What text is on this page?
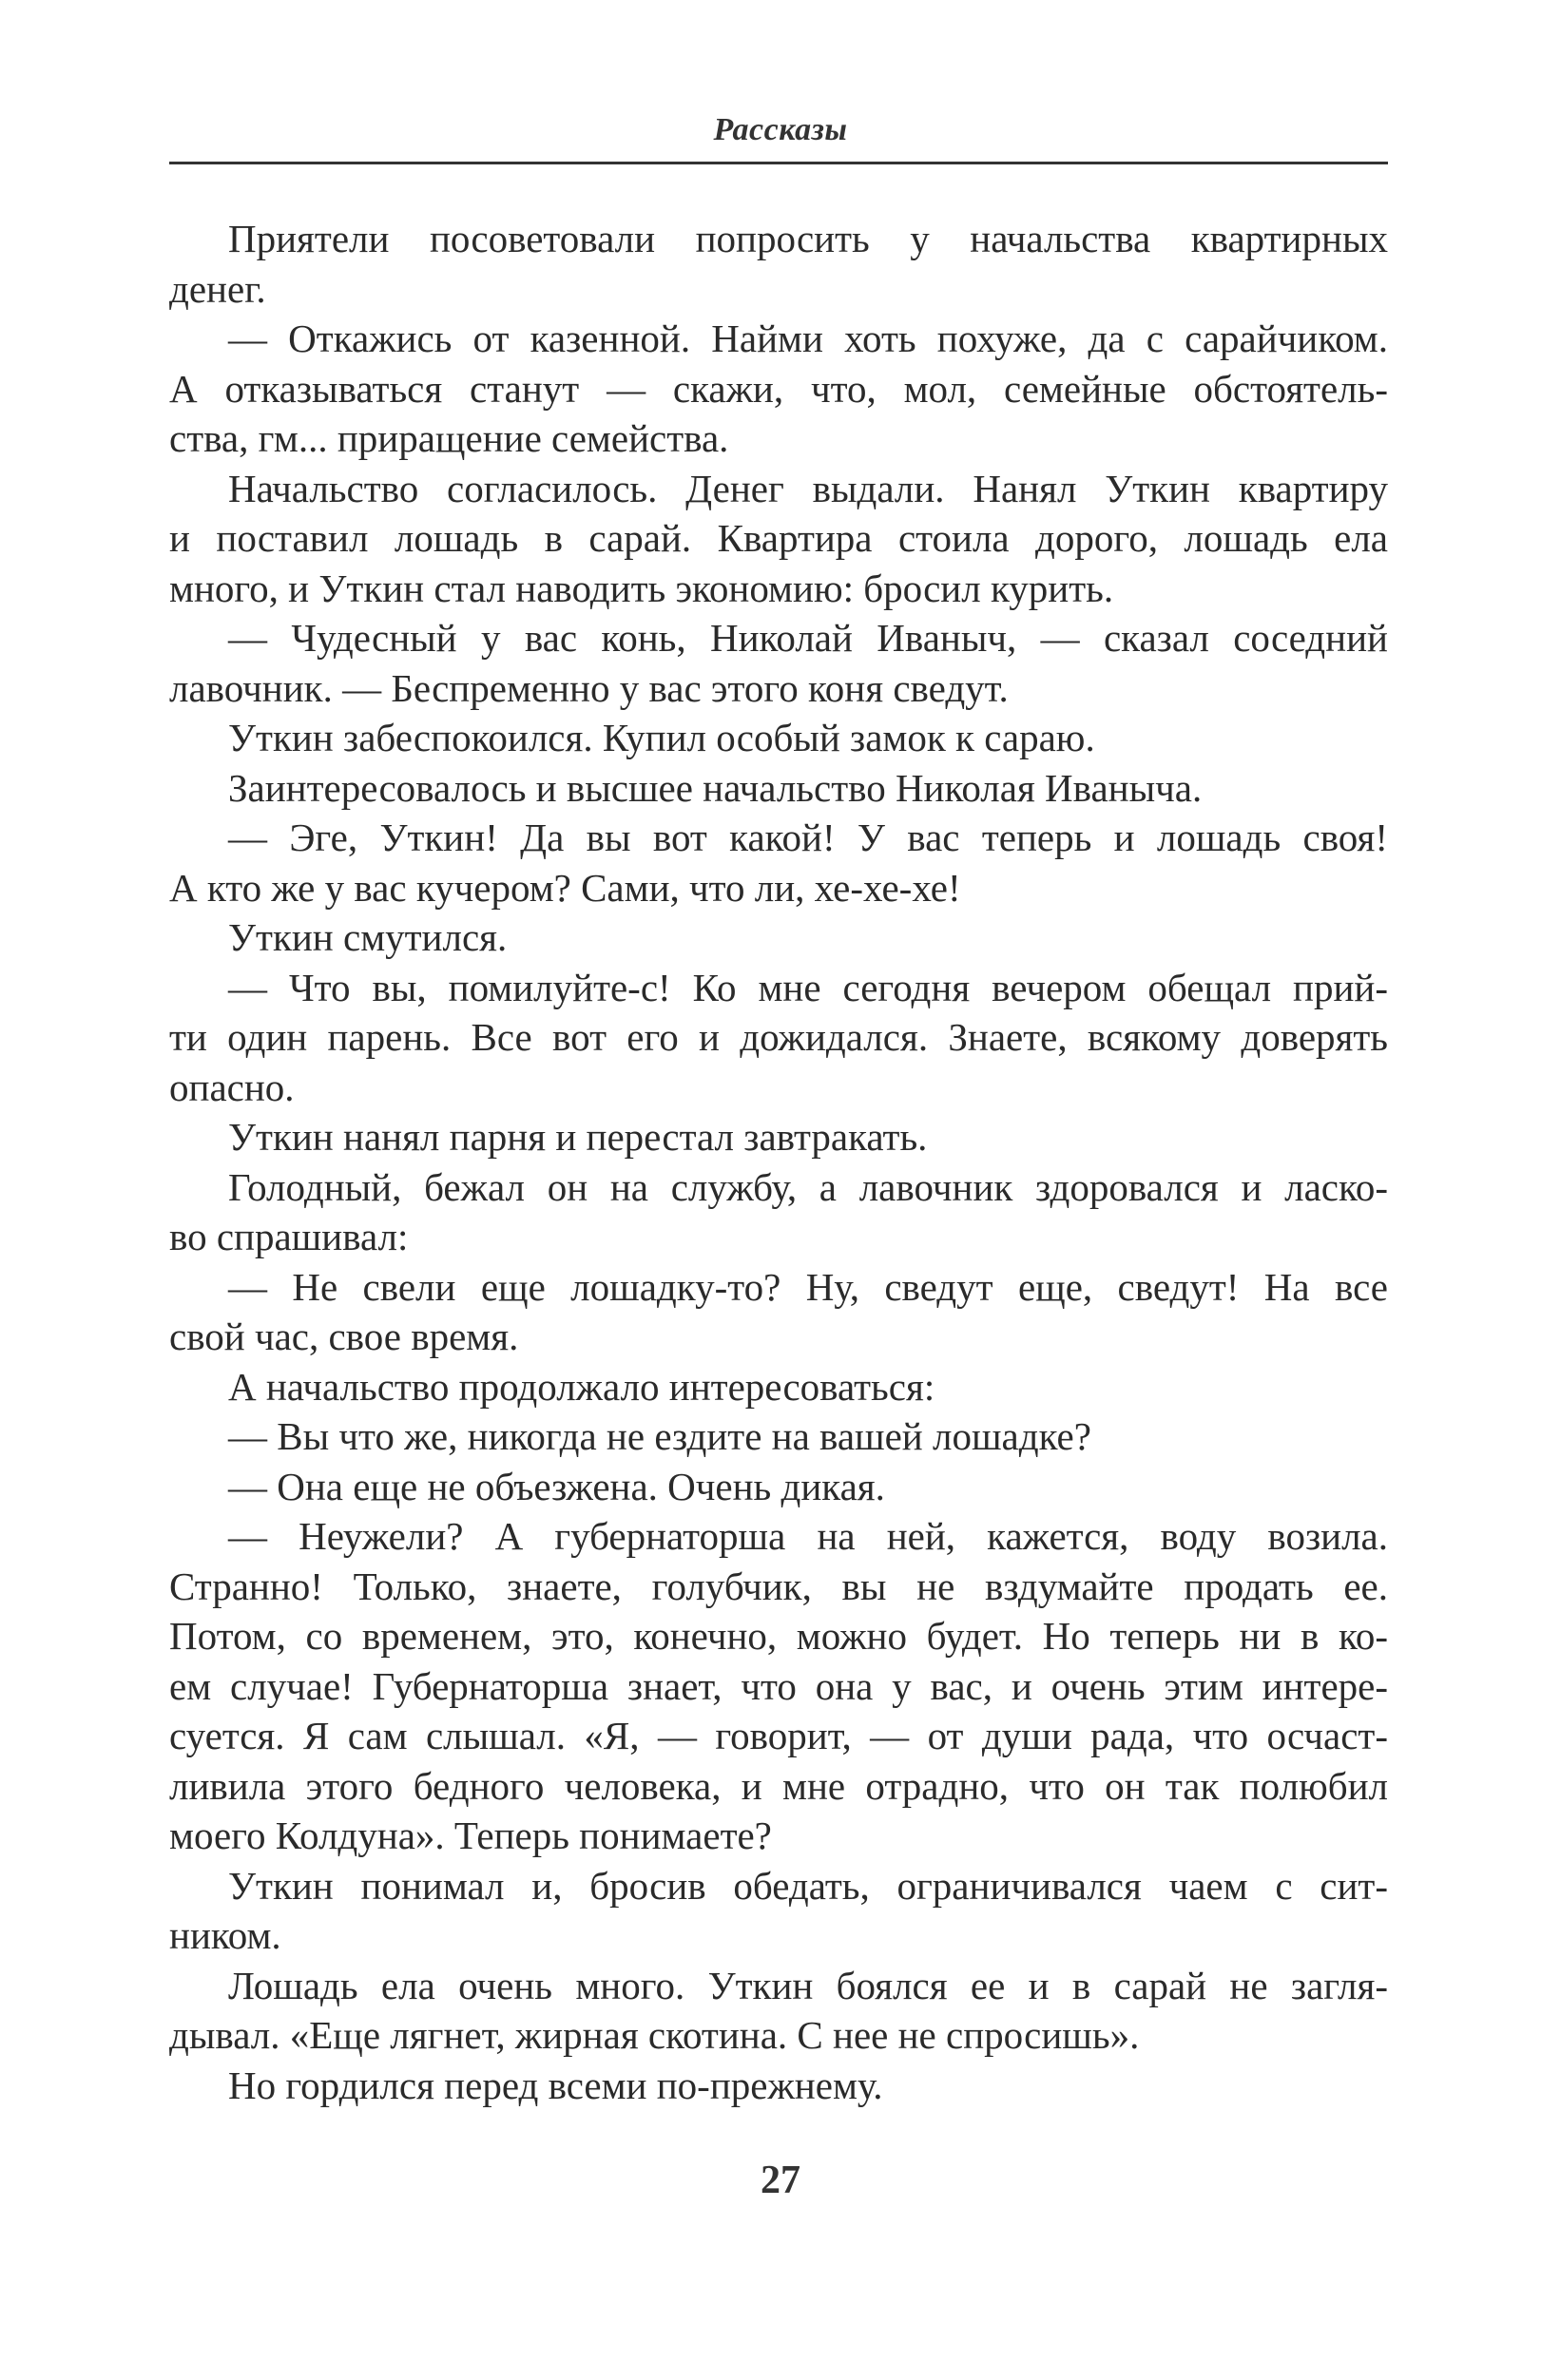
Рассказы
Приятели посоветовали попросить у начальства квартирных
денег.
— Откажись от казенной. Найми хоть похуже, да с сарайчиком.
А отказываться станут — скажи, что, мол, семейные обстоятель-
ства, гм... приращение семейства.
Начальство согласилось. Денег выдали. Нанял Уткин квартиру
и поставил лошадь в сарай. Квартира стоила дорого, лошадь ела
много, и Уткин стал наводить экономию: бросил курить.
— Чудесный у вас конь, Николай Иваныч, — сказал соседний
лавочник. — Беспременно у вас этого коня сведут.
Уткин забеспокоился. Купил особый замок к сараю.
Заинтересовалось и высшее начальство Николая Иваныча.
— Эге, Уткин! Да вы вот какой! У вас теперь и лошадь своя!
А кто же у вас кучером? Сами, что ли, хе-хе-хе!
Уткин смутился.
— Что вы, помилуйте-с! Ко мне сегодня вечером обещал прий-
ти один парень. Все вот его и дожидался. Знаете, всякому доверять
опасно.
Уткин нанял парня и перестал завтракать.
Голодный, бежал он на службу, а лавочник здоровался и ласко-
во спрашивал:
— Не свели еще лошадку-то? Ну, сведут еще, сведут! На все
свой час, свое время.
А начальство продолжало интересоваться:
— Вы что же, никогда не ездите на вашей лошадке?
— Она еще не объезжена. Очень дикая.
— Неужели? А губернаторша на ней, кажется, воду возила.
Странно! Только, знаете, голубчик, вы не вздумайте продать ее.
Потом, со временем, это, конечно, можно будет. Но теперь ни в ко-
ем случае! Губернаторша знает, что она у вас, и очень этим интере-
суется. Я сам слышал. «Я, — говорит, — от души рада, что осчаст-
ливила этого бедного человека, и мне отрадно, что он так полюбил
моего Колдуна». Теперь понимаете?
Уткин понимал и, бросив обедать, ограничивался чаем с сит-
ником.
Лошадь ела очень много. Уткин боялся ее и в сарай не загля-
дывал. «Еще лягнет, жирная скотина. С нее не спросишь».
Но гордился перед всеми по-прежнему.
27
